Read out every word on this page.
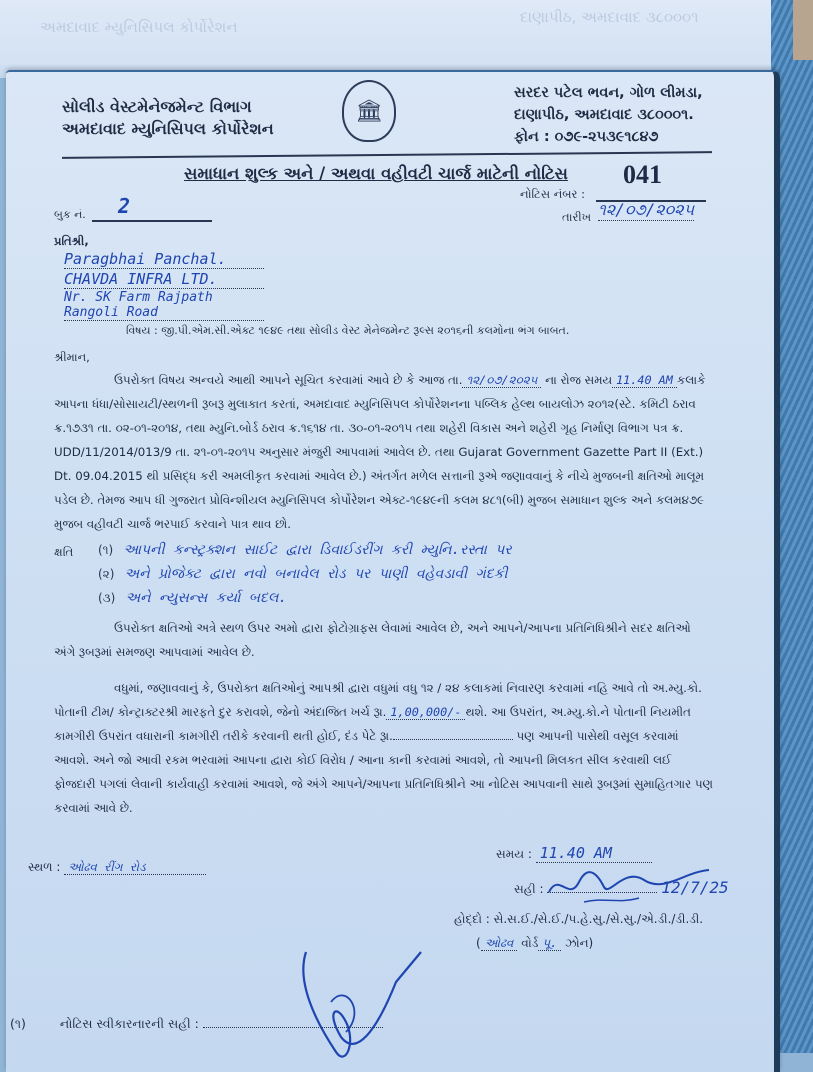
અમદાવાદ મ્યુનિસિપલ કોર્પોરેશન
દાણાપીઠ, અમદાવાદ ૩૮૦૦૦૧
સોલીડ વેસ્ટમેનેજમેન્ટ વિભાગ
અમદાવાદ મ્યુનિસિપલ કોર્પોરેશન
🏛
સરદર પટેલ ભવન, ગોળ લીમડા,
દાણાપીઠ, અમદાવાદ ૩૮૦૦૦૧.
ફોન : ૦૭૯-૨૫૩૯૧૮૪૭
સમાધાન શુલ્ક અને / અથવા વહીવટી ચાર્જ માટેની નોટિસ 041
નોટિસ નંબર :
બુક નં. 2	તારીખ ૧૨/૦૭/૨૦૨૫
પ્રતિશ્રી,
Paragbhai Panchal.
CHAVDA INFRA LTD.
Nr. SK Farm Rajpath Rangoli Road
વિષય : જી.પી.એમ.સી.એક્ટ ૧૯૪૯ તથા સોલીડ વેસ્ટ મેનેજમેન્ટ રૂલ્સ ૨૦૧૬ની કલમોના ભંગ બાબત.
શ્રીમાન,
ઉપરોક્ત વિષય અન્વયે આથી આપને સૂચિત કરવામાં આવે છે કે આજ તા. ૧૨/૦૭/૨૦૨૫ ના રોજ સમય 11.40 AM કલાકે આપના ધંધા/સોસાયટી/સ્થળની રૂબરૂ મુલાકાત કરતાં, અમદાવાદ મ્યુનિસિપલ કોર્પોરેશનના પબ્લિક હેલ્થ બાયલોઝ ૨૦૧૨(સ્ટે. કમિટી ઠરાવ ક્ર.૧૭૩૧ તા. ૦૨-૦૧-૨૦૧૪, તથા મ્યુનિ.બોર્ડ ઠરાવ ક્ર.૧૬૧૪ તા. ૩૦-૦૧-૨૦૧૫ તથા શહેરી વિકાસ અને શહેરી ગૃહ નિર્માણ વિભાગ પત્ર ક્ર. UDD/11/2014/013/9 તા. ૨૧-૦૧-૨૦૧૫ અનુસાર મંજુરી આપવામાં આવેલ છે. તથા Gujarat Government Gazette Part II (Ext.) Dt. 09.04.2015 થી પ્રસિદ્ધ કરી અમલીકૃત કરવામાં આવેલ છે.) અંતર્ગત મળેલ સત્તાની રૂએ જણાવવાનું કે નીચે મુજબની ક્ષતિઓ માલૂમ પડેલ છે. તેમજ આપ ધી ગુજરાત પ્રોવિન્શીયલ મ્યુનિસિપલ કોર્પોરેશન એક્ટ-૧૯૪૯ની કલમ ૪૮૧(બી) મુજબ સમાધાન શુલ્ક અને કલમ૪૭૯ મુજબ વહીવટી ચાર્જ ભરપાઈ કરવાને પાત્ર થાવ છો.
ક્ષતિ (૧) આપની કન્સ્ટ્રક્શન સાઈટ દ્વારા ડિવાઈડરીંગ કરી મ્યુનિ.રસ્તા પર
(૨) અને પ્રોજેક્ટ દ્વારા નવો બનાવેલ રોડ પર પાણી વહેવડાવી ગંદકી
(૩) અને ન્યુસન્સ કર્યા બદલ.
ઉપરોક્ત ક્ષતિઓ અત્રે સ્થળ ઉપર અમો દ્વારા ફોટોગ્રાફસ લેવામાં આવેલ છે, અને આપને/આપના પ્રતિનિધિશ્રીને સદર ક્ષતિઓ અંગે રૂબરૂમાં સમજણ આપવામાં આવેલ છે.
વધુમાં, જણાવવાનું કે, ઉપરોક્ત ક્ષતિઓનું આપશ્રી દ્વારા વધુમાં વધુ ૧૨ / ૨૪ કલાકમાં નિવારણ કરવામાં નહિ આવે તો અ.મ્યુ.કો. પોતાની ટીમ/ કોન્ટ્રાક્ટરશ્રી મારફતે દુર કરાવશે, જેનો અંદાજિત ખર્ચ રૂા. 1,00,000/- થશે. આ ઉપરાંત, અ.મ્યુ.કો.ને પોતાની નિયમીત કામગીરી ઉપરાંત વધારાની કામગીરી તરીકે કરવાની થતી હોઈ, દંડ પેટે રૂા.	પણ આપની પાસેથી વસૂલ કરવામાં આવશે. અને જો આવી રકમ ભરવામાં આપના દ્વારા કોઈ વિરોધ / આના કાની કરવામાં આવશે, તો આપની મિલકત સીલ કરવાથી લઈ ફોજદારી પગલાં લેવાની કાર્યવાહી કરવામાં આવશે, જે અંગે આપને/આપના પ્રતિનિધિશ્રીને આ નોટિસ આપવાની સાથે રૂબરૂમાં સુમાહિતગાર પણ કરવામાં આવે છે.
સ્થળ : ઓઢવ રીંગ રોડ
સમય : 11.40 AM
સહી :	12/7/25
હોદ્દો : સે.સ.ઈ./સે.ઈ./પ.હે.સુ./સે.સુ./એ.ડી./ડી.ડી.
( ઓઢવ વોર્ડ પૂ. ઝોન)
(૧)	નોટિસ સ્વીકારનારની સહી :
